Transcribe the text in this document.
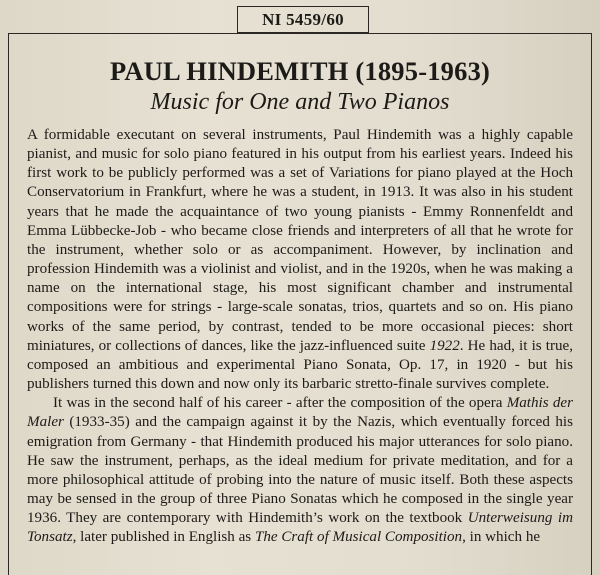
NI 5459/60
PAUL HINDEMITH (1895-1963)
Music for One and Two Pianos

A formidable executant on several instruments, Paul Hindemith was a highly capable pianist, and music for solo piano featured in his output from his earliest years. Indeed his first work to be publicly performed was a set of Variations for piano played at the Hoch Conservatorium in Frankfurt, where he was a student, in 1913. It was also in his student years that he made the acquaintance of two young pianists - Emmy Ronnenfeldt and Emma Lübbecke-Job - who became close friends and interpreters of all that he wrote for the instrument, whether solo or as accompaniment. However, by inclination and profession Hindemith was a violinist and violist, and in the 1920s, when he was making a name on the international stage, his most significant chamber and instrumental compositions were for strings - large-scale sonatas, trios, quartets and so on. His piano works of the same period, by contrast, tended to be more occasional pieces: short miniatures, or collections of dances, like the jazz-influenced suite 1922. He had, it is true, composed an ambitious and experimental Piano Sonata, Op. 17, in 1920 - but his publishers turned this down and now only its barbaric stretto-finale survives complete.

It was in the second half of his career - after the composition of the opera Mathis der Maler (1933-35) and the campaign against it by the Nazis, which eventually forced his emigration from Germany - that Hindemith produced his major utterances for solo piano. He saw the instrument, perhaps, as the ideal medium for private meditation, and for a more philosophical attitude of probing into the nature of music itself. Both these aspects may be sensed in the group of three Piano Sonatas which he composed in the single year 1936. They are contemporary with Hindemith’s work on the textbook Unterweisung im Tonsatz, later published in English as The Craft of Musical Composition, in which he
